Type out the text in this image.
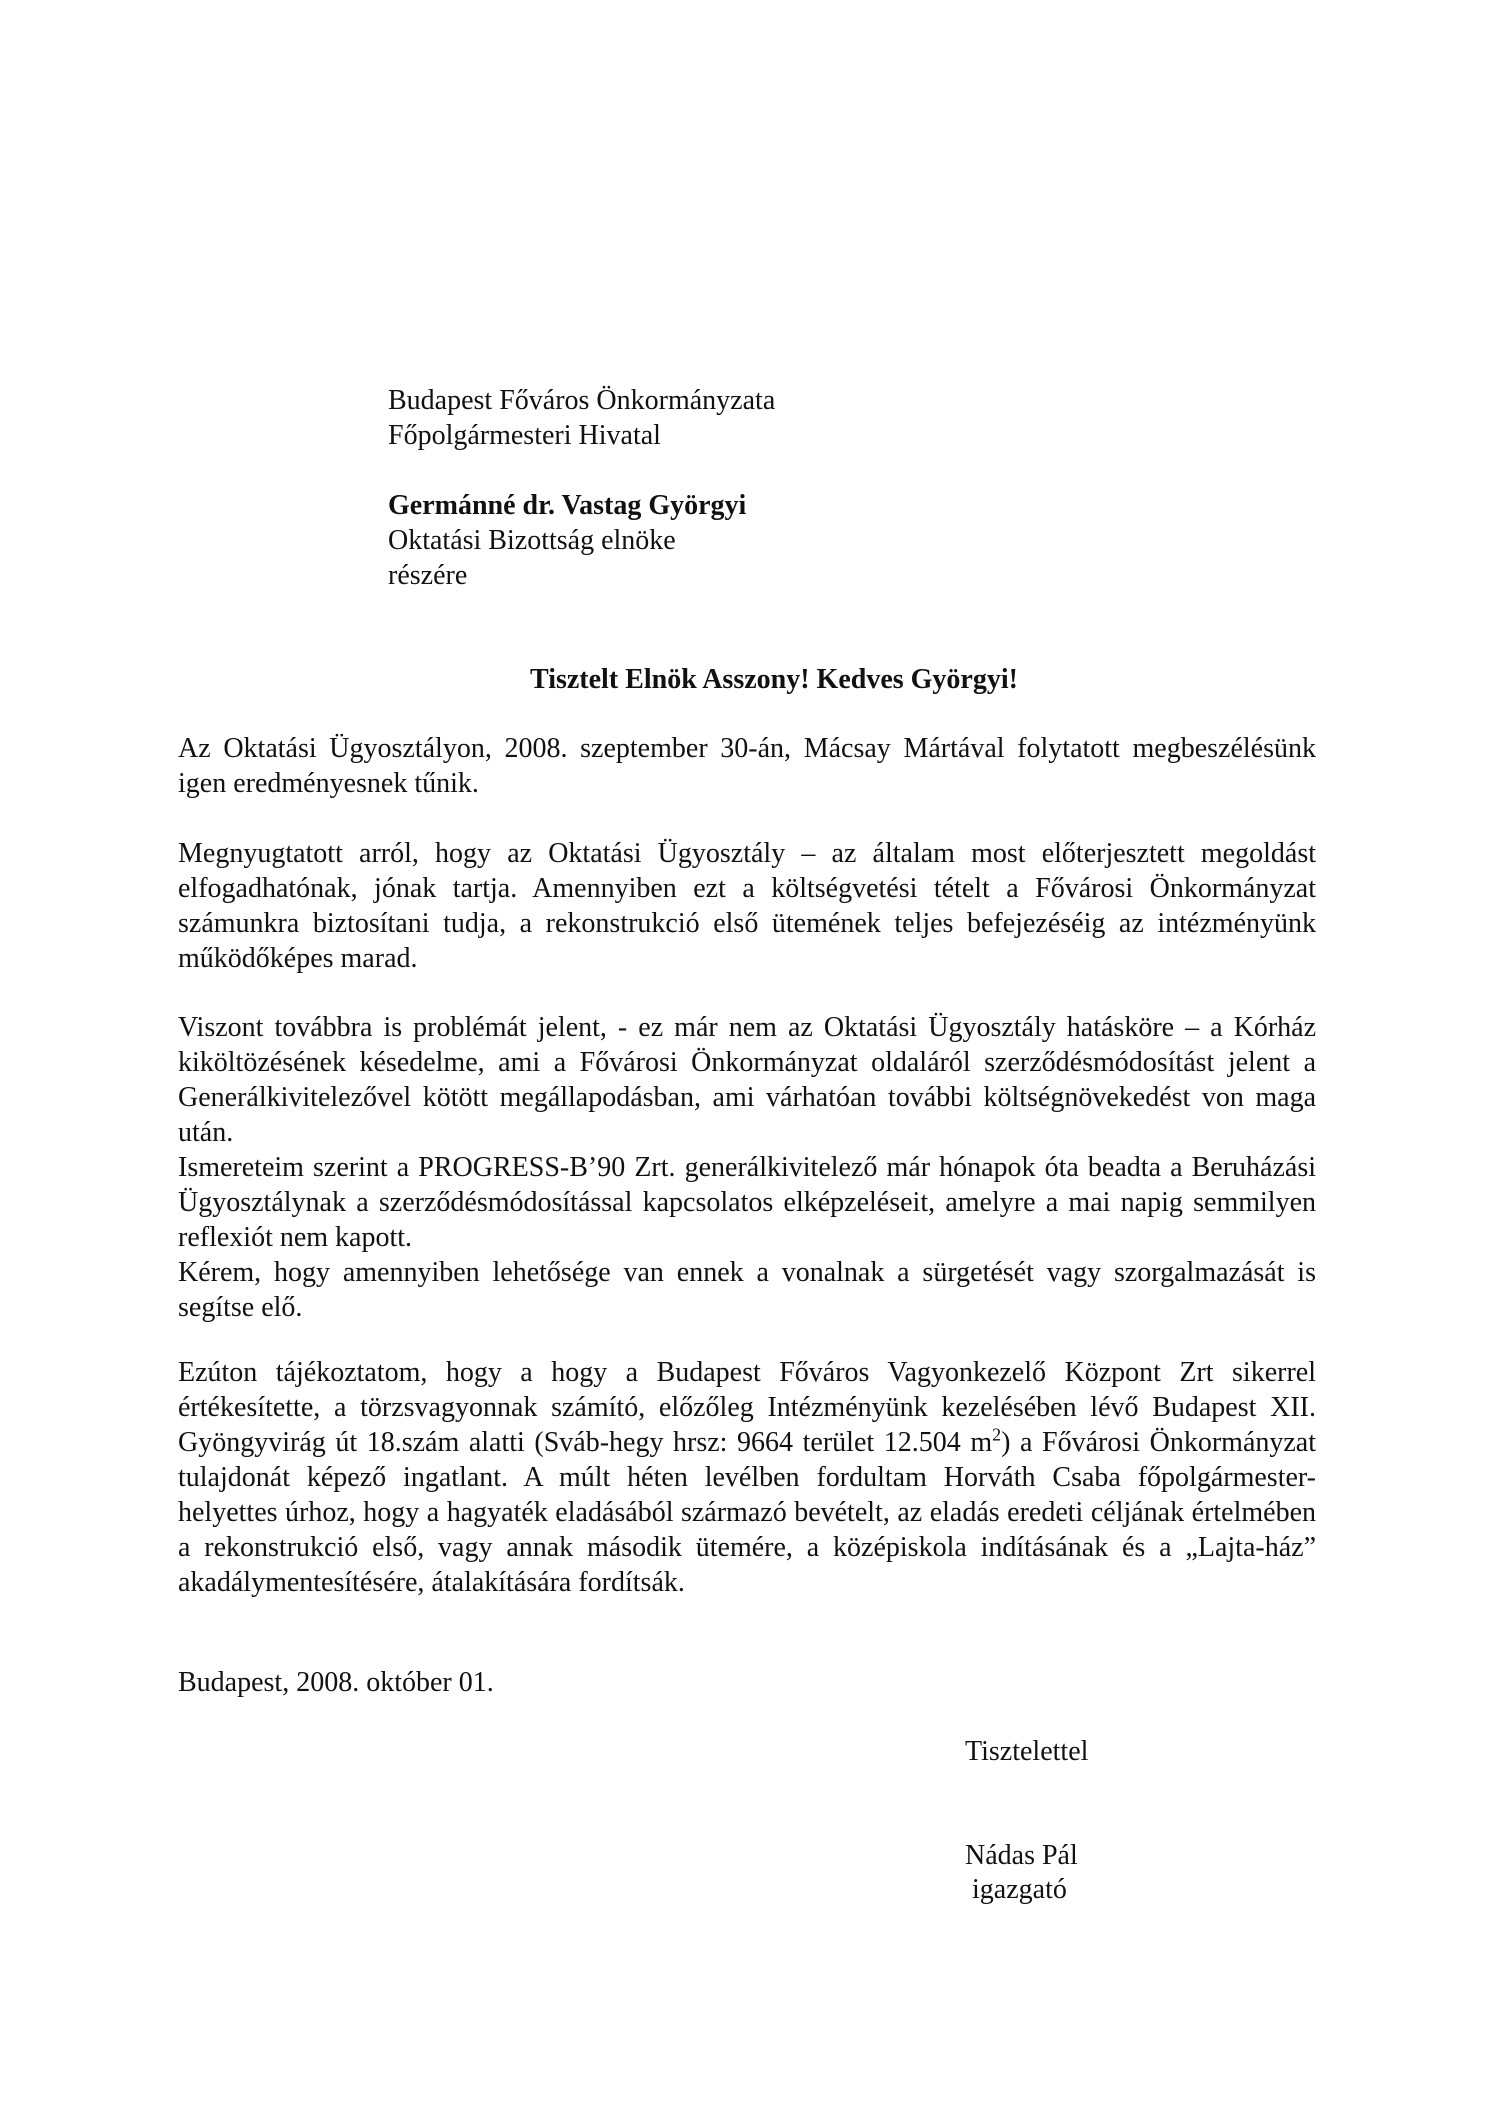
Budapest Főváros Önkormányzata
Főpolgármesteri Hivatal
Germánné dr. Vastag Györgyi
Oktatási Bizottság elnöke
részére
Tisztelt Elnök Asszony! Kedves Györgyi!
Az Oktatási Ügyosztályon, 2008. szeptember 30-án, Mácsay Mártával folytatott megbeszélésünk igen eredményesnek tűnik.
Megnyugtatott arról, hogy az Oktatási Ügyosztály – az általam most előterjesztett megoldást elfogadhatónak, jónak tartja. Amennyiben ezt a költségvetési tételt a Fővárosi Önkormányzat számunkra biztosítani tudja, a rekonstrukció első ütemének teljes befejezéséig az intézményünk működőképes marad.
Viszont továbbra is problémát jelent, - ez már nem az Oktatási Ügyosztály hatásköre – a Kórház kiköltözésének késedelme, ami a Fővárosi Önkormányzat oldaláról szerződésmódosítást jelent a Generálkivitelezővel kötött megállapodásban, ami várhatóan további költségnövekedést von maga után.
Ismereteim szerint a PROGRESS-B’90 Zrt. generálkivitelező már hónapok óta beadta a Beruházási Ügyosztálynak a szerződésmódosítással kapcsolatos elképzeléseit, amelyre a mai napig semmilyen reflexiót nem kapott.
Kérem, hogy amennyiben lehetősége van ennek a vonalnak a sürgetését vagy szorgalmazását is segítse elő.
Ezúton tájékoztatom, hogy a hogy a Budapest Főváros Vagyonkezelő Központ Zrt sikerrel értékesítette, a törzsvagyonnak számító, előzőleg Intézményünk kezelésében lévő Budapest XII. Gyöngyvirág út 18.szám alatti (Sváb-hegy hrsz: 9664 terület 12.504 $m^2$) a Fővárosi Önkormányzat tulajdonát képező ingatlant. A múlt héten levélben fordultam Horváth Csaba főpolgármester-helyettes úrhoz, hogy a hagyaték eladásából származó bevételt, az eladás eredeti céljának értelmében a rekonstrukció első, vagy annak második ütemére, a középiskola indításának és a „Lajta-ház” akadálymentesítésére, átalakítására fordítsák.
Budapest, 2008. október 01.
Tisztelettel
Nádas Pál
igazgató
